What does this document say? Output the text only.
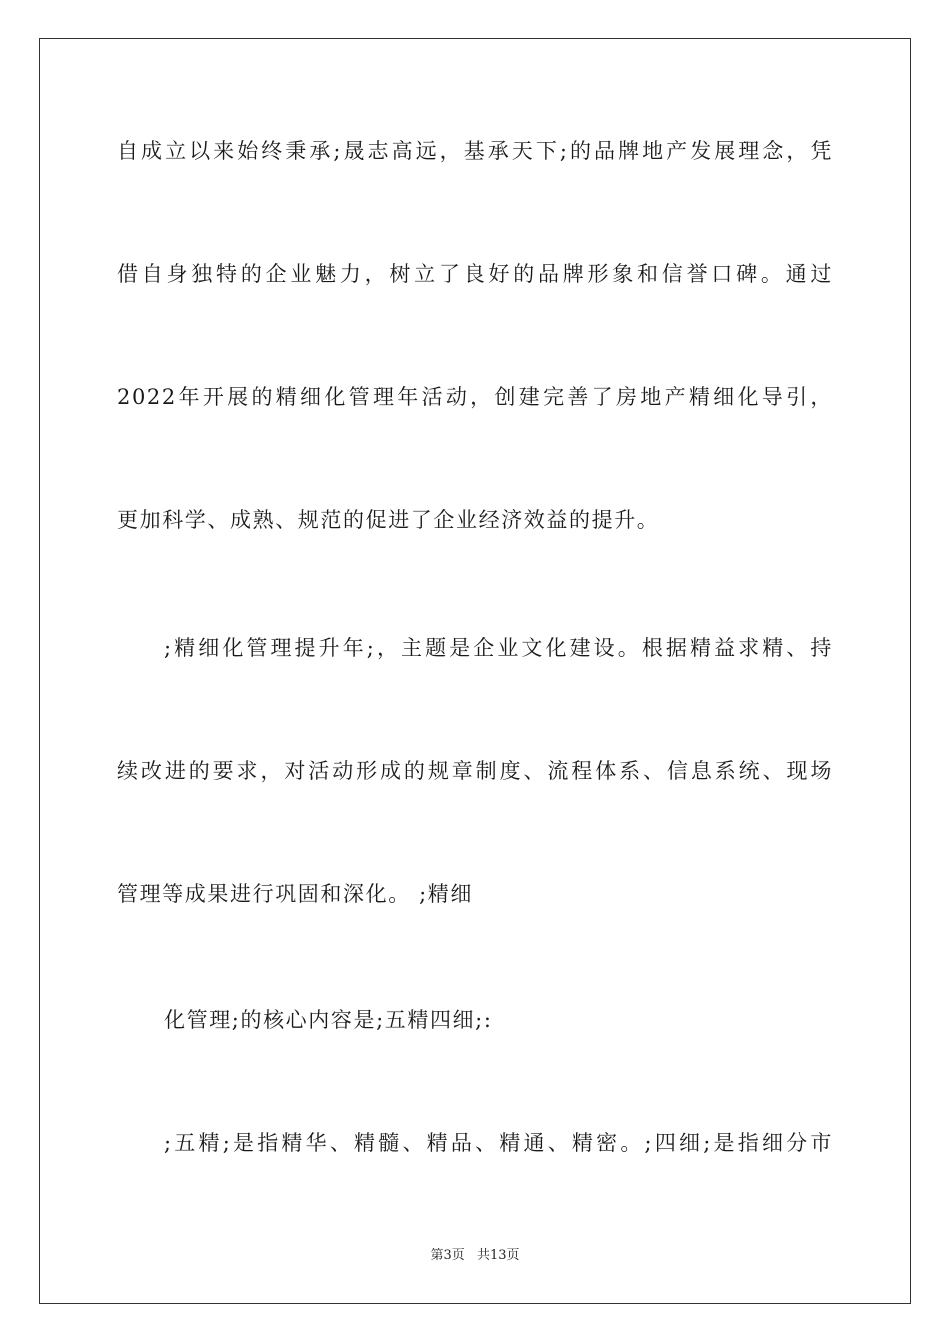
自成立以来始终秉承;晟志高远，基承天下;的品牌地产发展理念，凭
借自身独特的企业魅力，树立了良好的品牌形象和信誉口碑。通过
2022年开展的精细化管理年活动，创建完善了房地产精细化导引，
更加科学、成熟、规范的促进了企业经济效益的提升。
;精细化管理提升年;，主题是企业文化建设。根据精益求精、持
续改进的要求，对活动形成的规章制度、流程体系、信息系统、现场
管理等成果进行巩固和深化。 ;精细
化管理;的核心内容是;五精四细;:
;五精;是指精华、精髓、精品、精通、精密。;四细;是指细分市
第3页 共13页
